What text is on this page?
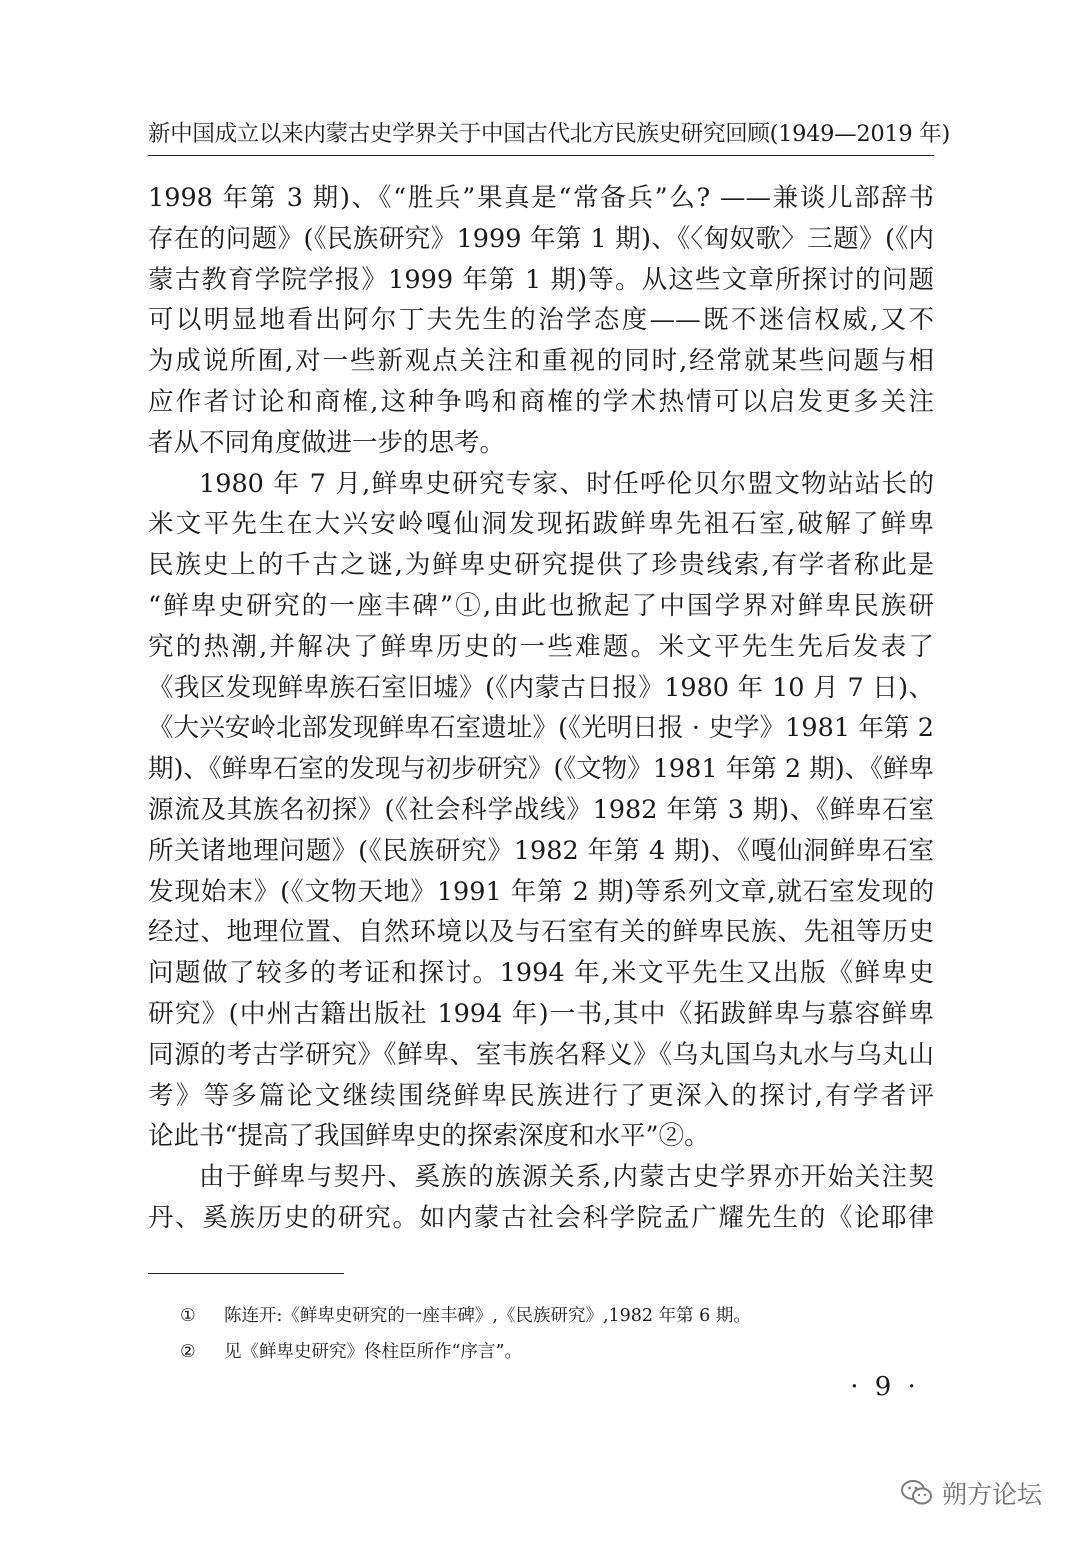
新中国成立以来内蒙古史学界关于中国古代北方民族史研究回顾(1949—2019 年)
1998 年第 3 期)、《“胜兵”果真是“常备兵”么? ——兼谈儿部辞书
存在的问题》(《民族研究》1999 年第 1 期)、《〈匈奴歌〉三题》(《内
蒙古教育学院学报》1999 年第 1 期)等。从这些文章所探讨的问题
可以明显地看出阿尔丁夫先生的治学态度——既不迷信权威,又不
为成说所囿,对一些新观点关注和重视的同时,经常就某些问题与相
应作者讨论和商榷,这种争鸣和商榷的学术热情可以启发更多关注
者从不同角度做进一步的思考。
1980 年 7 月,鲜卑史研究专家、时任呼伦贝尔盟文物站站长的
米文平先生在大兴安岭嘎仙洞发现拓跋鲜卑先祖石室,破解了鲜卑
民族史上的千古之谜,为鲜卑史研究提供了珍贵线索,有学者称此是
“鲜卑史研究的一座丰碑”①,由此也掀起了中国学界对鲜卑民族研
究的热潮,并解决了鲜卑历史的一些难题。米文平先生先后发表了
《我区发现鲜卑族石室旧墟》(《内蒙古日报》1980 年 10 月 7 日)、
《大兴安岭北部发现鲜卑石室遗址》(《光明日报 · 史学》1981 年第 2
期)、《鲜卑石室的发现与初步研究》(《文物》1981 年第 2 期)、《鲜卑
源流及其族名初探》(《社会科学战线》1982 年第 3 期)、《鲜卑石室
所关诸地理问题》(《民族研究》1982 年第 4 期)、《嘎仙洞鲜卑石室
发现始末》(《文物天地》1991 年第 2 期)等系列文章,就石室发现的
经过、地理位置、自然环境以及与石室有关的鲜卑民族、先祖等历史
问题做了较多的考证和探讨。1994 年,米文平先生又出版《鲜卑史
研究》(中州古籍出版社 1994 年)一书,其中《拓跋鲜卑与慕容鲜卑
同源的考古学研究》《鲜卑、室韦族名释义》《乌丸国乌丸水与乌丸山
考》等多篇论文继续围绕鲜卑民族进行了更深入的探讨,有学者评
论此书“提高了我国鲜卑史的探索深度和水平”②。
由于鲜卑与契丹、奚族的族源关系,内蒙古史学界亦开始关注契
丹、奚族历史的研究。如内蒙古社会科学院孟广耀先生的《论耶律
① 陈连开:《鲜卑史研究的一座丰碑》,《民族研究》,1982 年第 6 期。
② 见《鲜卑史研究》佟柱臣所作“序言”。
· 9 ·
朔方论坛
